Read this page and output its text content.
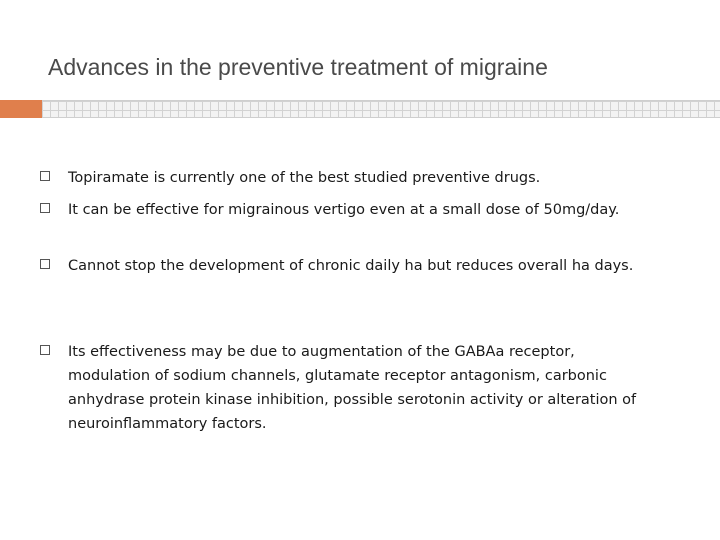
Advances in the preventive treatment of migraine
Topiramate is currently one of the best studied preventive drugs.
It can be effective for migrainous vertigo even at a small dose of 50mg/day.
Cannot stop the development of chronic daily ha but reduces overall ha days.
Its effectiveness may be due to augmentation of the GABAa receptor, modulation of sodium channels, glutamate receptor antagonism, carbonic anhydrase protein kinase inhibition, possible serotonin activity or alteration of neuroinflammatory factors.
